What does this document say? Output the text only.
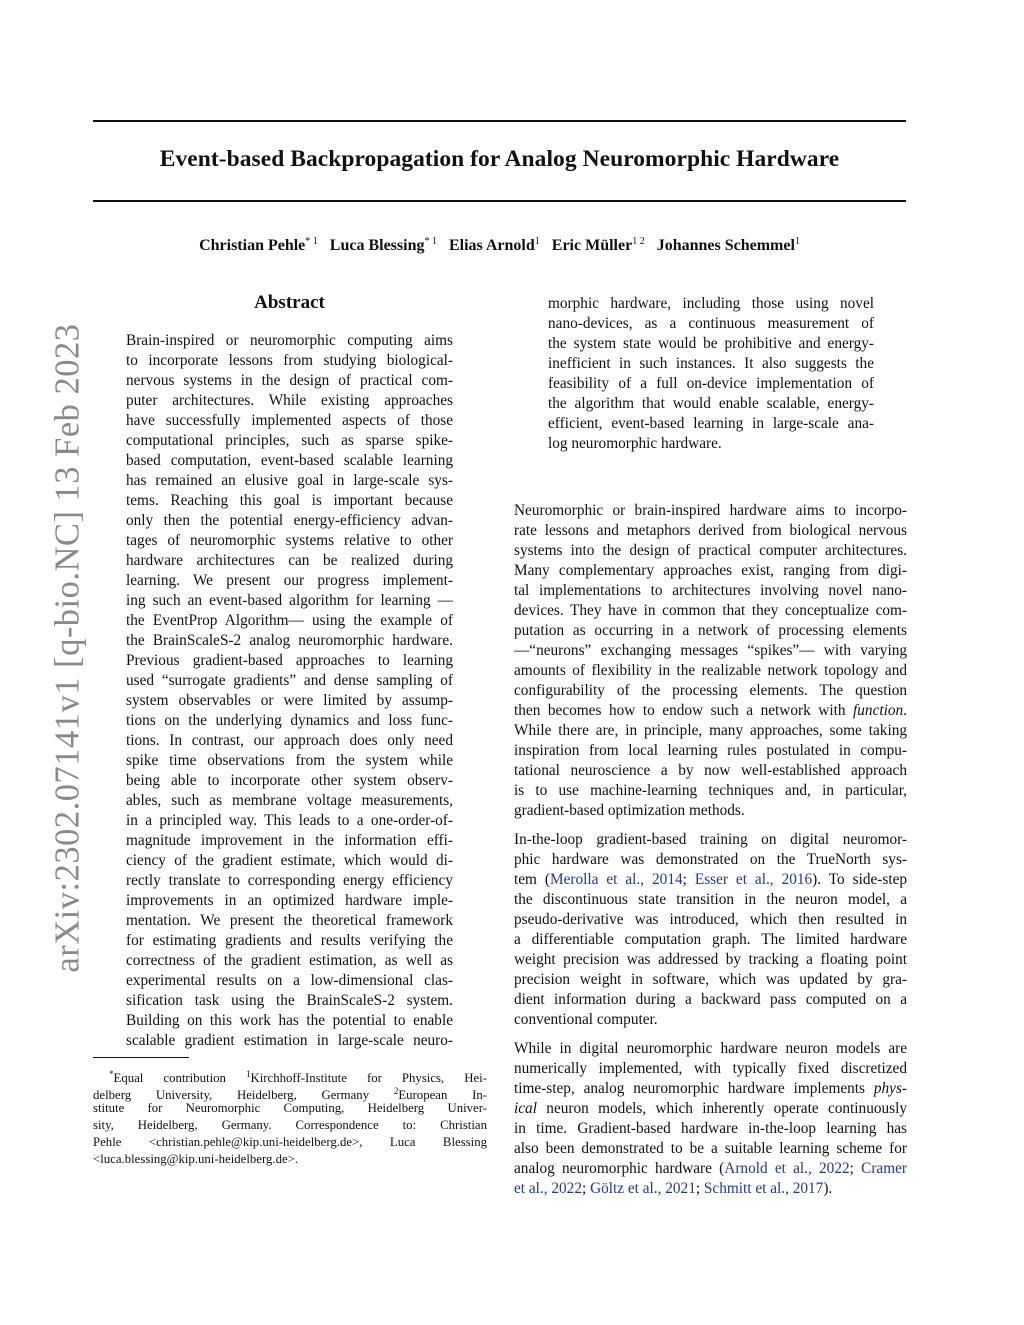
Event-based Backpropagation for Analog Neuromorphic Hardware
Christian Pehle$^{* 1}$ Luca Blessing$^{* 1}$ Elias Arnold$^1$ Eric Müller$^{1 2}$ Johannes Schemmel$^1$
arXiv:2302.07141v1 [q-bio.NC] 13 Feb 2023
Abstract
Brain-inspired or neuromorphic computing aims
to incorporate lessons from studying biological-
nervous systems in the design of practical com-
puter architectures. While existing approaches
have successfully implemented aspects of those
computational principles, such as sparse spike-
based computation, event-based scalable learning
has remained an elusive goal in large-scale sys-
tems. Reaching this goal is important because
only then the potential energy-efficiency advan-
tages of neuromorphic systems relative to other
hardware architectures can be realized during
learning. We present our progress implement-
ing such an event-based algorithm for learning —
the EventProp Algorithm— using the example of
the BrainScaleS-2 analog neuromorphic hardware.
Previous gradient-based approaches to learning
used “surrogate gradients” and dense sampling of
system observables or were limited by assump-
tions on the underlying dynamics and loss func-
tions. In contrast, our approach does only need
spike time observations from the system while
being able to incorporate other system observ-
ables, such as membrane voltage measurements,
in a principled way. This leads to a one-order-of-
magnitude improvement in the information effi-
ciency of the gradient estimate, which would di-
rectly translate to corresponding energy efficiency
improvements in an optimized hardware imple-
mentation. We present the theoretical framework
for estimating gradients and results verifying the
correctness of the gradient estimation, as well as
experimental results on a low-dimensional clas-
sification task using the BrainScaleS-2 system.
Building on this work has the potential to enable
scalable gradient estimation in large-scale neuro-
morphic hardware, including those using novel
nano-devices, as a continuous measurement of
the system state would be prohibitive and energy-
inefficient in such instances. It also suggests the
feasibility of a full on-device implementation of
the algorithm that would enable scalable, energy-
efficient, event-based learning in large-scale ana-
log neuromorphic hardware.
Neuromorphic or brain-inspired hardware aims to incorpo-
rate lessons and metaphors derived from biological nervous
systems into the design of practical computer architectures.
Many complementary approaches exist, ranging from digi-
tal implementations to architectures involving novel nano-
devices. They have in common that they conceptualize com-
putation as occurring in a network of processing elements
—“neurons” exchanging messages “spikes”— with varying
amounts of flexibility in the realizable network topology and
configurability of the processing elements. The question
then becomes how to endow such a network with function.
While there are, in principle, many approaches, some taking
inspiration from local learning rules postulated in compu-
tational neuroscience a by now well-established approach
is to use machine-learning techniques and, in particular,
gradient-based optimization methods.
In-the-loop gradient-based training on digital neuromor-
phic hardware was demonstrated on the TrueNorth sys-
tem (Merolla et al., 2014; Esser et al., 2016). To side-step
the discontinuous state transition in the neuron model, a
pseudo-derivative was introduced, which then resulted in
a differentiable computation graph. The limited hardware
weight precision was addressed by tracking a floating point
precision weight in software, which was updated by gra-
dient information during a backward pass computed on a
conventional computer.
While in digital neuromorphic hardware neuron models are
numerically implemented, with typically fixed discretized
time-step, analog neuromorphic hardware implements phys-
ical neuron models, which inherently operate continuously
in time. Gradient-based hardware in-the-loop learning has
also been demonstrated to be a suitable learning scheme for
analog neuromorphic hardware (Arnold et al., 2022; Cramer
et al., 2022; Göltz et al., 2021; Schmitt et al., 2017).
*Equal contribution $^1$Kirchhoff-Institute for Physics, Hei-
delberg University, Heidelberg, Germany $^2$European In-
stitute for Neuromorphic Computing, Heidelberg Univer-
sity, Heidelberg, Germany. Correspondence to: Christian
Pehle <christian.pehle@kip.uni-heidelberg.de>, Luca Blessing
<luca.blessing@kip.uni-heidelberg.de>.
